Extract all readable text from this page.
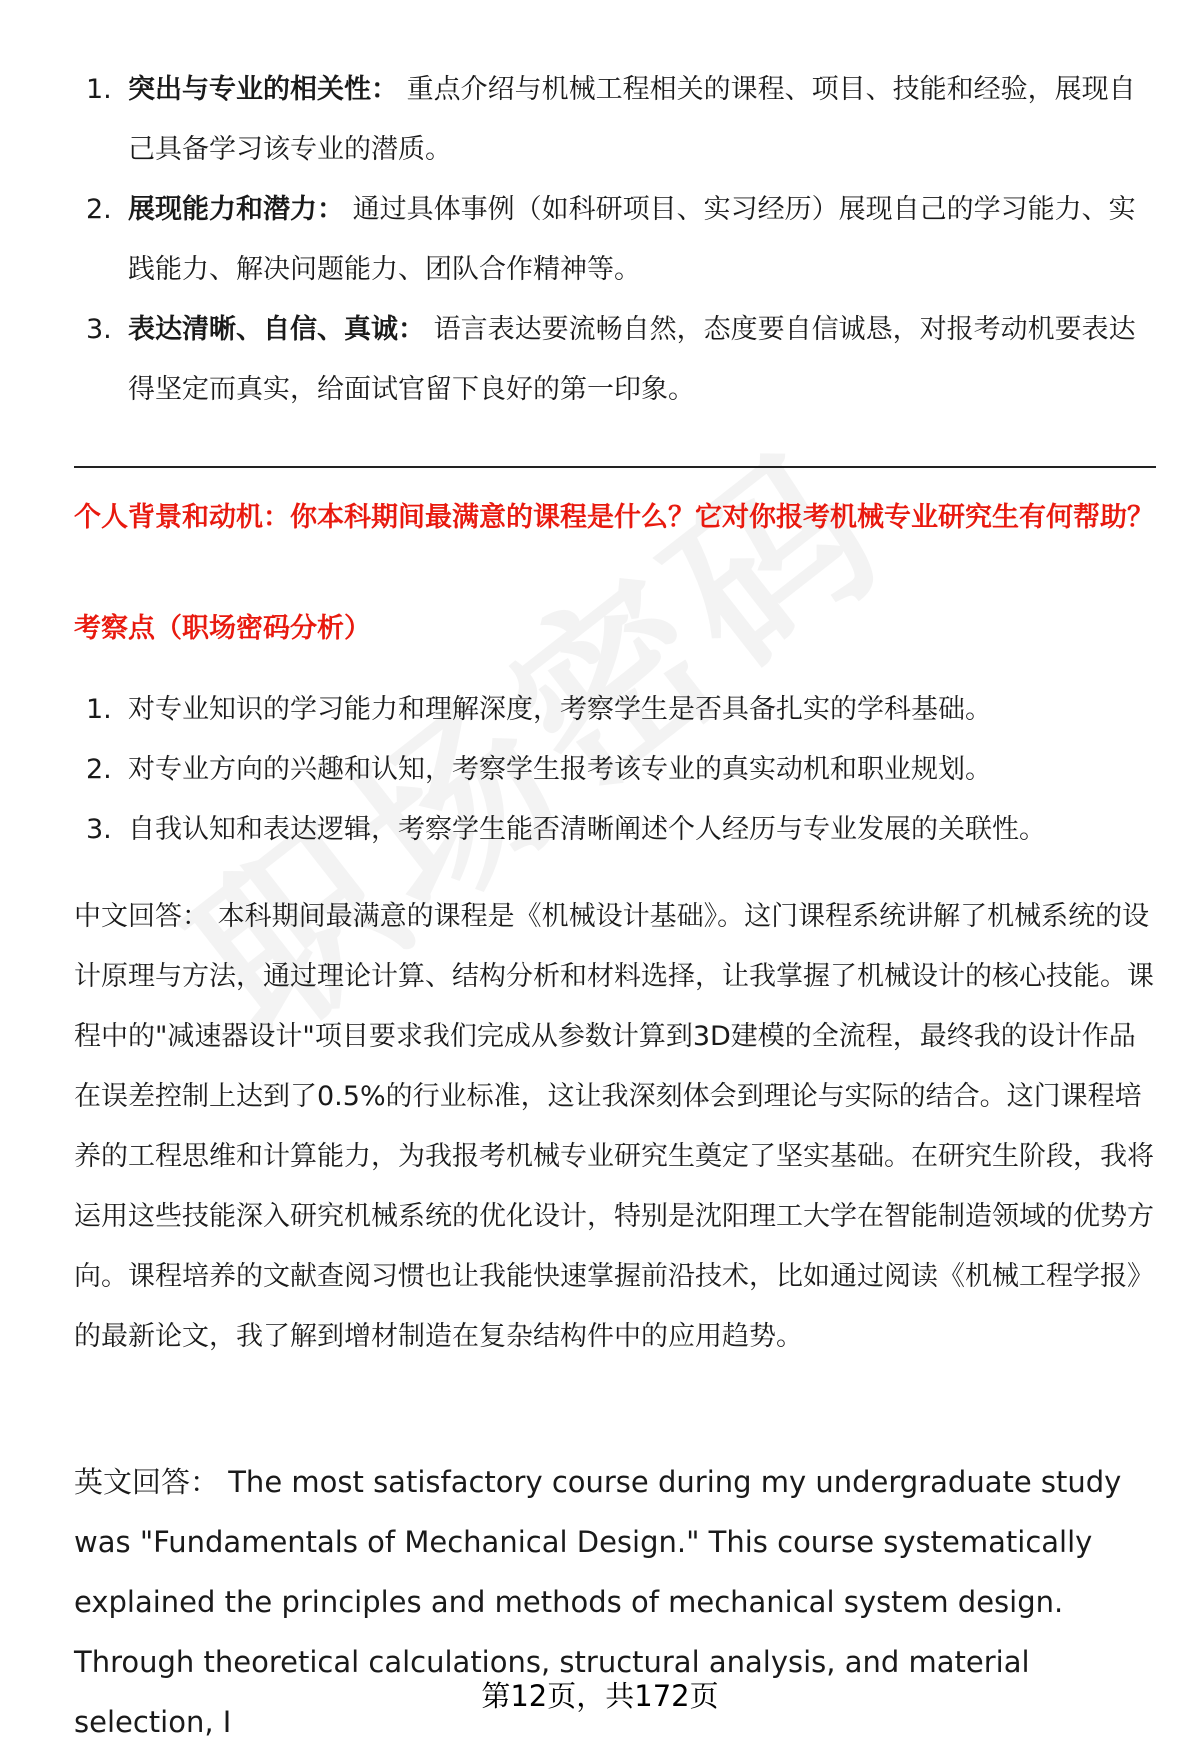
1. 突出与专业的相关性： 重点介绍与机械工程相关的课程、项目、技能和经验，展现自己具备学习该专业的潜质。
2. 展现能力和潜力： 通过具体事例（如科研项目、实习经历）展现自己的学习能力、实践能力、解决问题能力、团队合作精神等。
3. 表达清晰、自信、真诚： 语言表达要流畅自然，态度要自信诚恳，对报考动机要表达得坚定而真实，给面试官留下良好的第一印象。
个人背景和动机：你本科期间最满意的课程是什么？它对你报考机械专业研究生有何帮助？
考察点（职场密码分析）
1. 对专业知识的学习能力和理解深度，考察学生是否具备扎实的学科基础。
2. 对专业方向的兴趣和认知，考察学生报考该专业的真实动机和职业规划。
3. 自我认知和表达逻辑，考察学生能否清晰阐述个人经历与专业发展的关联性。

中文回答： 本科期间最满意的课程是《机械设计基础》。这门课程系统讲解了机械系统的设计原理与方法，通过理论计算、结构分析和材料选择，让我掌握了机械设计的核心技能。课程中的"减速器设计"项目要求我们完成从参数计算到3D建模的全流程，最终我的设计作品在误差控制上达到了0.5%的行业标准，这让我深刻体会到理论与实际的结合。这门课程培养的工程思维和计算能力，为我报考机械专业研究生奠定了坚实基础。在研究生阶段，我将运用这些技能深入研究机械系统的优化设计，特别是沈阳理工大学在智能制造领域的优势方向。课程培养的文献查阅习惯也让我能快速掌握前沿技术，比如通过阅读《机械工程学报》的最新论文，我了解到增材制造在复杂结构件中的应用趋势。

英文回答： The most satisfactory course during my undergraduate study was "Fundamentals of Mechanical Design." This course systematically explained the principles and methods of mechanical system design. Through theoretical calculations, structural analysis, and material selection, I

第12页，共172页
